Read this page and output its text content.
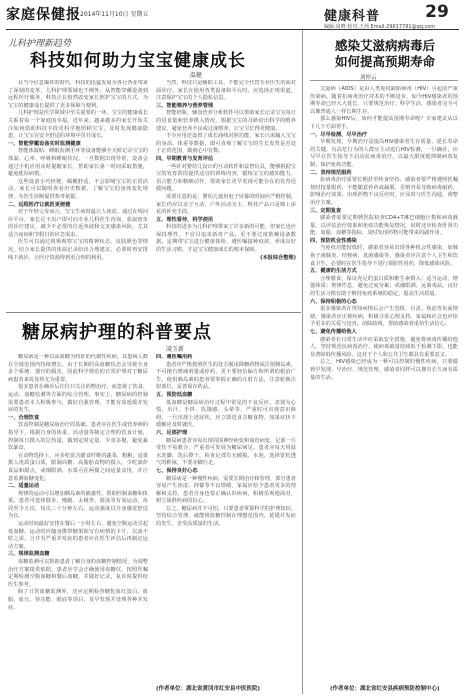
家庭保健报 2014年11月10日 星期五	健康科普	29
编辑:周晓 校对:王茜 Email:29617781@qq.com
儿科护理新趋势
科技如何助力宝宝健康成长
温健

在当今信息爆炸的时代，科技的迅猛发展为各行各业带来了深刻的变革，儿科护理领域也不例外。从智能穿戴设备到远程医疗服务，科技正在悄然改变家长照护宝宝的方式，为宝宝的健康成长提供了更多保障与便利。

儿科护理是医学领域中至关重要的一环，宝宝的健康成长关系着每一个家庭的幸福。近年来，越来越多的家长开始关注如何借助科技手段更科学地照顾宝宝，及时发现健康隐患，让宝宝在安全舒适的环境中茁壮成长。

一、智能穿戴设备实时监测健康

智能体温贴、睡眠监测手环等设备能够全天候记录宝宝的体温、心率、呼吸和睡眠状况。一旦数据出现异常，设备会通过手机应用及时提醒家长，帮助家长第一时间采取措施，避免延误病情。

这些设备小巧轻便，佩戴舒适，不会影响宝宝的正常活动。家长可以随时查看历史数据，了解宝宝的身体变化规律，为医生诊断提供参考依据。

二、远程医疗让就医更便捷

对于年轻父母而言，宝宝生病时最让人焦虑。通过在线问诊平台，家长足不出户即可向专业儿科医生咨询，获取初步的诊疗建议，减少不必要的往返奔波和交叉感染风险，尤其适合夜间和节假日的应急需求。

医生可以通过视频观察宝宝的精神状态、皮肤颜色等情况，结合家长提供的体温记录给出合理建议，必要时再安排线下就诊，让医疗资源得到更合理的利用。

当然，科技只是辅助工具，不能完全代替专业医生的面对面诊疗。家长在使用各类设备和平台时，应选择正规渠道，注意保护宝宝的个人隐私信息。

三、智能喂养与营养管理

智能奶瓶、辅食营养分析软件可以帮助家长记录宝宝每日的进食量和营养摄入情况，根据宝宝的月龄给出科学的喂养建议，避免营养不良或过度喂养，让宝宝长得更健康。

不少应用还设置了成长曲线对照功能，家长只需输入宝宝的身高、体重等数据，即可直观了解宝宝的生长发育是否处于正常范围，做到心中有数。

四、早期教育与发育评估

一些针对婴幼儿设计的互动软件和益智玩具，能够根据宝宝的发育阶段提供适宜的训练内容，锻炼宝宝的感知能力、语言能力和精细动作，帮助家长更早发现可能存在的发育迟缓问题。

需要注意的是，婴幼儿使用电子屏幕的时间应严格控制，家长仍应以亲子互动、户外活动为主，科技产品只是锦上添花的补充手段。

五、理性看待，科学使用

科技的进步为儿科护理带来了许多新的可能，但家长也应保持理性，不盲目追求新奇产品，更不要过度依赖设备数据。定期带宝宝进行健康体检，遵医嘱接种疫苗，养成良好的生活习惯，才是宝宝健康成长的根本保障。

(本报综合整理)

糖尿病护理的科普要点
凌玉新

糖尿病是一种以高血糖为特征的代谢性疾病，其患病人数在全球范围内持续增长。由于长期的高血糖状态会导致全身多个系统、器官的损害，因此科学规范的日常护理对于糖尿病患者来说显得尤为重要。

很多患者在确诊后往往只关注药物治疗，而忽视了饮食、运动、血糖监测等方面的综合管理。事实上，糖尿病的控制需要患者本人积极参与，做好自我管理，才能有效延缓并发症的发生。

一、合理饮食

饮食控制是糖尿病治疗的基础。患者应在医生或营养师的指导下，根据自身的体重、活动量等制定合理的饮食计划，控制每日摄入的总热量，做到定时定量、少食多餐，避免暴饮暴食。

在食物选择上，应多吃富含膳食纤维的蔬菜、粗粮，适量摄入优质蛋白质，限制高糖、高脂肪食物的摄入，少吃油炸食品和甜点，戒烟限酒。水果可在两餐之间适量食用，并注意监测血糖变化。

二、适量运动

规律的运动可以增加胰岛素的敏感性，帮助控制血糖和体重。患者可选择散步、慢跑、太极拳、游泳等有氧运动，每周至少五次，每次三十分钟左右，运动强度以自身感觉舒适为宜。

运动时间最好安排在餐后一小时左右，避免空腹运动引起低血糖。运动时应随身携带糖果和写有病情的卡片，以备不时之需。合并有严重并发症的患者应在医生评估后再制定运动方案。

三、规律监测血糖

血糖监测可以帮助患者了解自身的血糖控制情况，为调整治疗方案提供依据。患者应学会正确使用血糖仪，按照医嘱定期检测空腹血糖和餐后血糖，并做好记录，复诊时提供给医生参考。

除了日常血糖监测外，还应定期检查糖化血红蛋白、血脂、血压、肾功能、眼底等项目，及早发现并处理各种并发症。

四、遵医嘱用药

患者应严格按照医生的处方服用降糖药物或注射胰岛素，不可擅自增减剂量或停药，更不要轻信偏方和所谓的根治广告。使用胰岛素的患者要掌握正确的注射方法，注意轮换注射部位，妥善保存药品。

五、预防低血糖

低血糖是糖尿病治疗过程中常见的不良反应，表现为心慌、出汗、手抖、饥饿感、头晕等，严重时可出现意识障碍。一旦出现上述症状，应立即进食含糖食物，如果症状不缓解应及时就医。

六、足部护理

糖尿病患者容易出现周围神经病变和血管病变，足部一旦受伤不易愈合，严重者可发展为糖尿病足。患者应每天用温水洗脚，洗后擦干，检查足部有无破损、水泡，选择宽松透气的鞋袜，不要赤脚行走。

七、保持良好心态

糖尿病是一种慢性疾病，需要长期治疗和管理，部分患者容易产生焦虑、抑郁等不良情绪。家属应给予患者更多的理解和支持，患者自身也要正确认识疾病，积极乐观地面对，树立战胜疾病的信心。

总之，糖尿病并不可怕，只要患者掌握科学的护理知识，坚持综合管理，就能将血糖控制在理想范围内，延缓并发症的发生，享受高质量的生活。

(作者单位：湖北省黄冈市红安县中医医院)
感染艾滋病病毒后
如何提高预期寿命
刘仲云

艾滋病（AIDS）是由人类免疫缺陷病毒（HIV）引起的严重传染病。随着抗病毒治疗技术的不断进步，如今HIV感染者的预期寿命已经大大延长，只要规范治疗、科学生活，感染者完全可以像普通人一样长期生存。

那么感染HIV后，如何才能提高预期寿命呢？专家建议从以下几个方面着手。

一、尽早检测、尽早治疗

早期发现、早期治疗是提高HIV感染者生存质量、延长寿命的关键。有高危行为的人群应主动进行HIV检测，一旦确诊，应尽早在医生指导下启动抗病毒治疗，以最大限度地抑制病毒复制，保护免疫功能。

二、坚持规范服药

抗病毒治疗需要长期甚至终身坚持，感染者要严格遵照医嘱按时按量服药，不能随意停药或漏服，否则容易导致病毒耐药，影响治疗效果。出现药物不良反应时，应及时与医生沟通，调整治疗方案。

三、定期复查

感染者需要定期到医院检查CD4+T淋巴细胞计数和病毒载量，以评估治疗效果和免疫功能恢复情况。同时还应检查肝肾功能、血脂、血糖等指标，及时发现药物可能带来的副作用。

四、预防机会性感染

当免疫功能较低时，感染者容易出现各种机会性感染，如肺孢子菌肺炎、结核病、真菌感染等。感染者应注意个人卫生和饮食卫生，必要时在医生指导下进行预防性用药，降低感染风险。

五、健康的生活方式

合理膳食，保证充足的蛋白质和维生素摄入；适当运动，增强体质；规律作息，避免过度劳累；戒烟限酒，远离毒品。良好的生活习惯有助于维持免疫系统的稳定，提高生活质量。

六、保持积极的心态

很多感染者在得知病情后会产生恐惧、自责、焦虑等负面情绪。感染者应正视疾病，积极寻求心理支持，家属和社会也应给予更多的关爱与包容，消除歧视，帮助感染者重拾生活信心。

七、避免传播给他人

感染者在日常生活中应采取安全措施，避免将病毒传播给他人。坚持规范抗病毒治疗、使病毒载量持续低于检测下限，也能显著降低传播风险，这对于个人和公共卫生都具有重要意义。

总之，HIV感染已经成为一种可以控制的慢性疾病。只要做到早发现、早治疗、规范管理，感染者同样可以拥有长久而有质量的生活。

(作者单位：湖北省红安县疾病预防控制中心)
